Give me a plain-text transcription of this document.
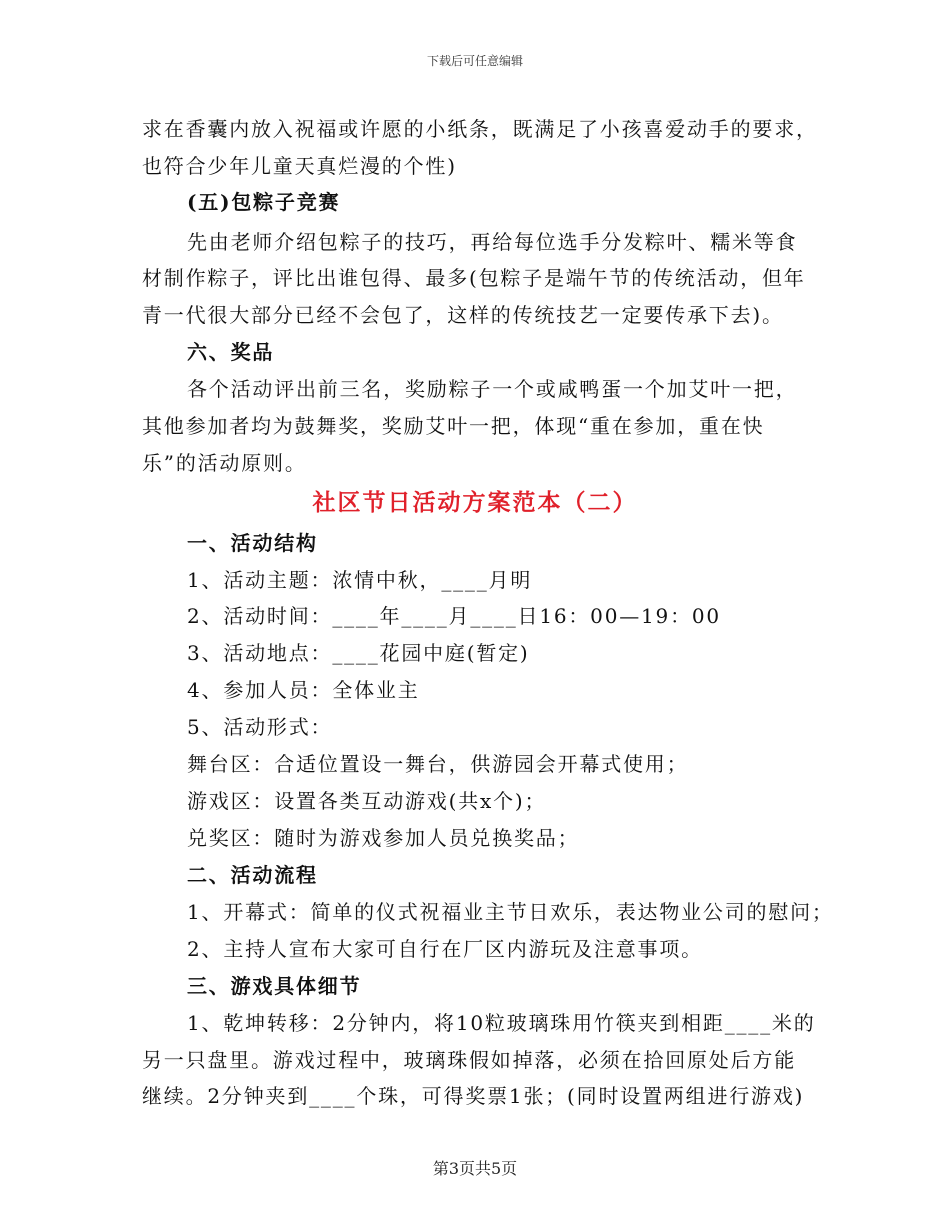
下载后可任意编辑
求在香囊内放入祝福或许愿的小纸条，既满足了小孩喜爱动手的要求，
也符合少年儿童天真烂漫的个性)
(五)包粽子竞赛
先由老师介绍包粽子的技巧，再给每位选手分发粽叶、糯米等食
材制作粽子，评比出谁包得、最多(包粽子是端午节的传统活动，但年
青一代很大部分已经不会包了，这样的传统技艺一定要传承下去)。
六、奖品
各个活动评出前三名，奖励粽子一个或咸鸭蛋一个加艾叶一把，
其他参加者均为鼓舞奖，奖励艾叶一把，体现“重在参加，重在快
乐”的活动原则。
社区节日活动方案范本（二）
一、活动结构
1、活动主题：浓情中秋，____月明
2、活动时间：____年____月____日16：00—19：00
3、活动地点：____花园中庭(暂定)
4、参加人员：全体业主
5、活动形式：
舞台区：合适位置设一舞台，供游园会开幕式使用；
游戏区：设置各类互动游戏(共x个)；
兑奖区：随时为游戏参加人员兑换奖品；
二、活动流程
1、开幕式：简单的仪式祝福业主节日欢乐，表达物业公司的慰问；
2、主持人宣布大家可自行在厂区内游玩及注意事项。
三、游戏具体细节
1、乾坤转移：2分钟内，将10粒玻璃珠用竹筷夹到相距____米的
另一只盘里。游戏过程中，玻璃珠假如掉落，必须在拾回原处后方能
继续。2分钟夹到____个珠，可得奖票1张；(同时设置两组进行游戏)
第3页共5页
